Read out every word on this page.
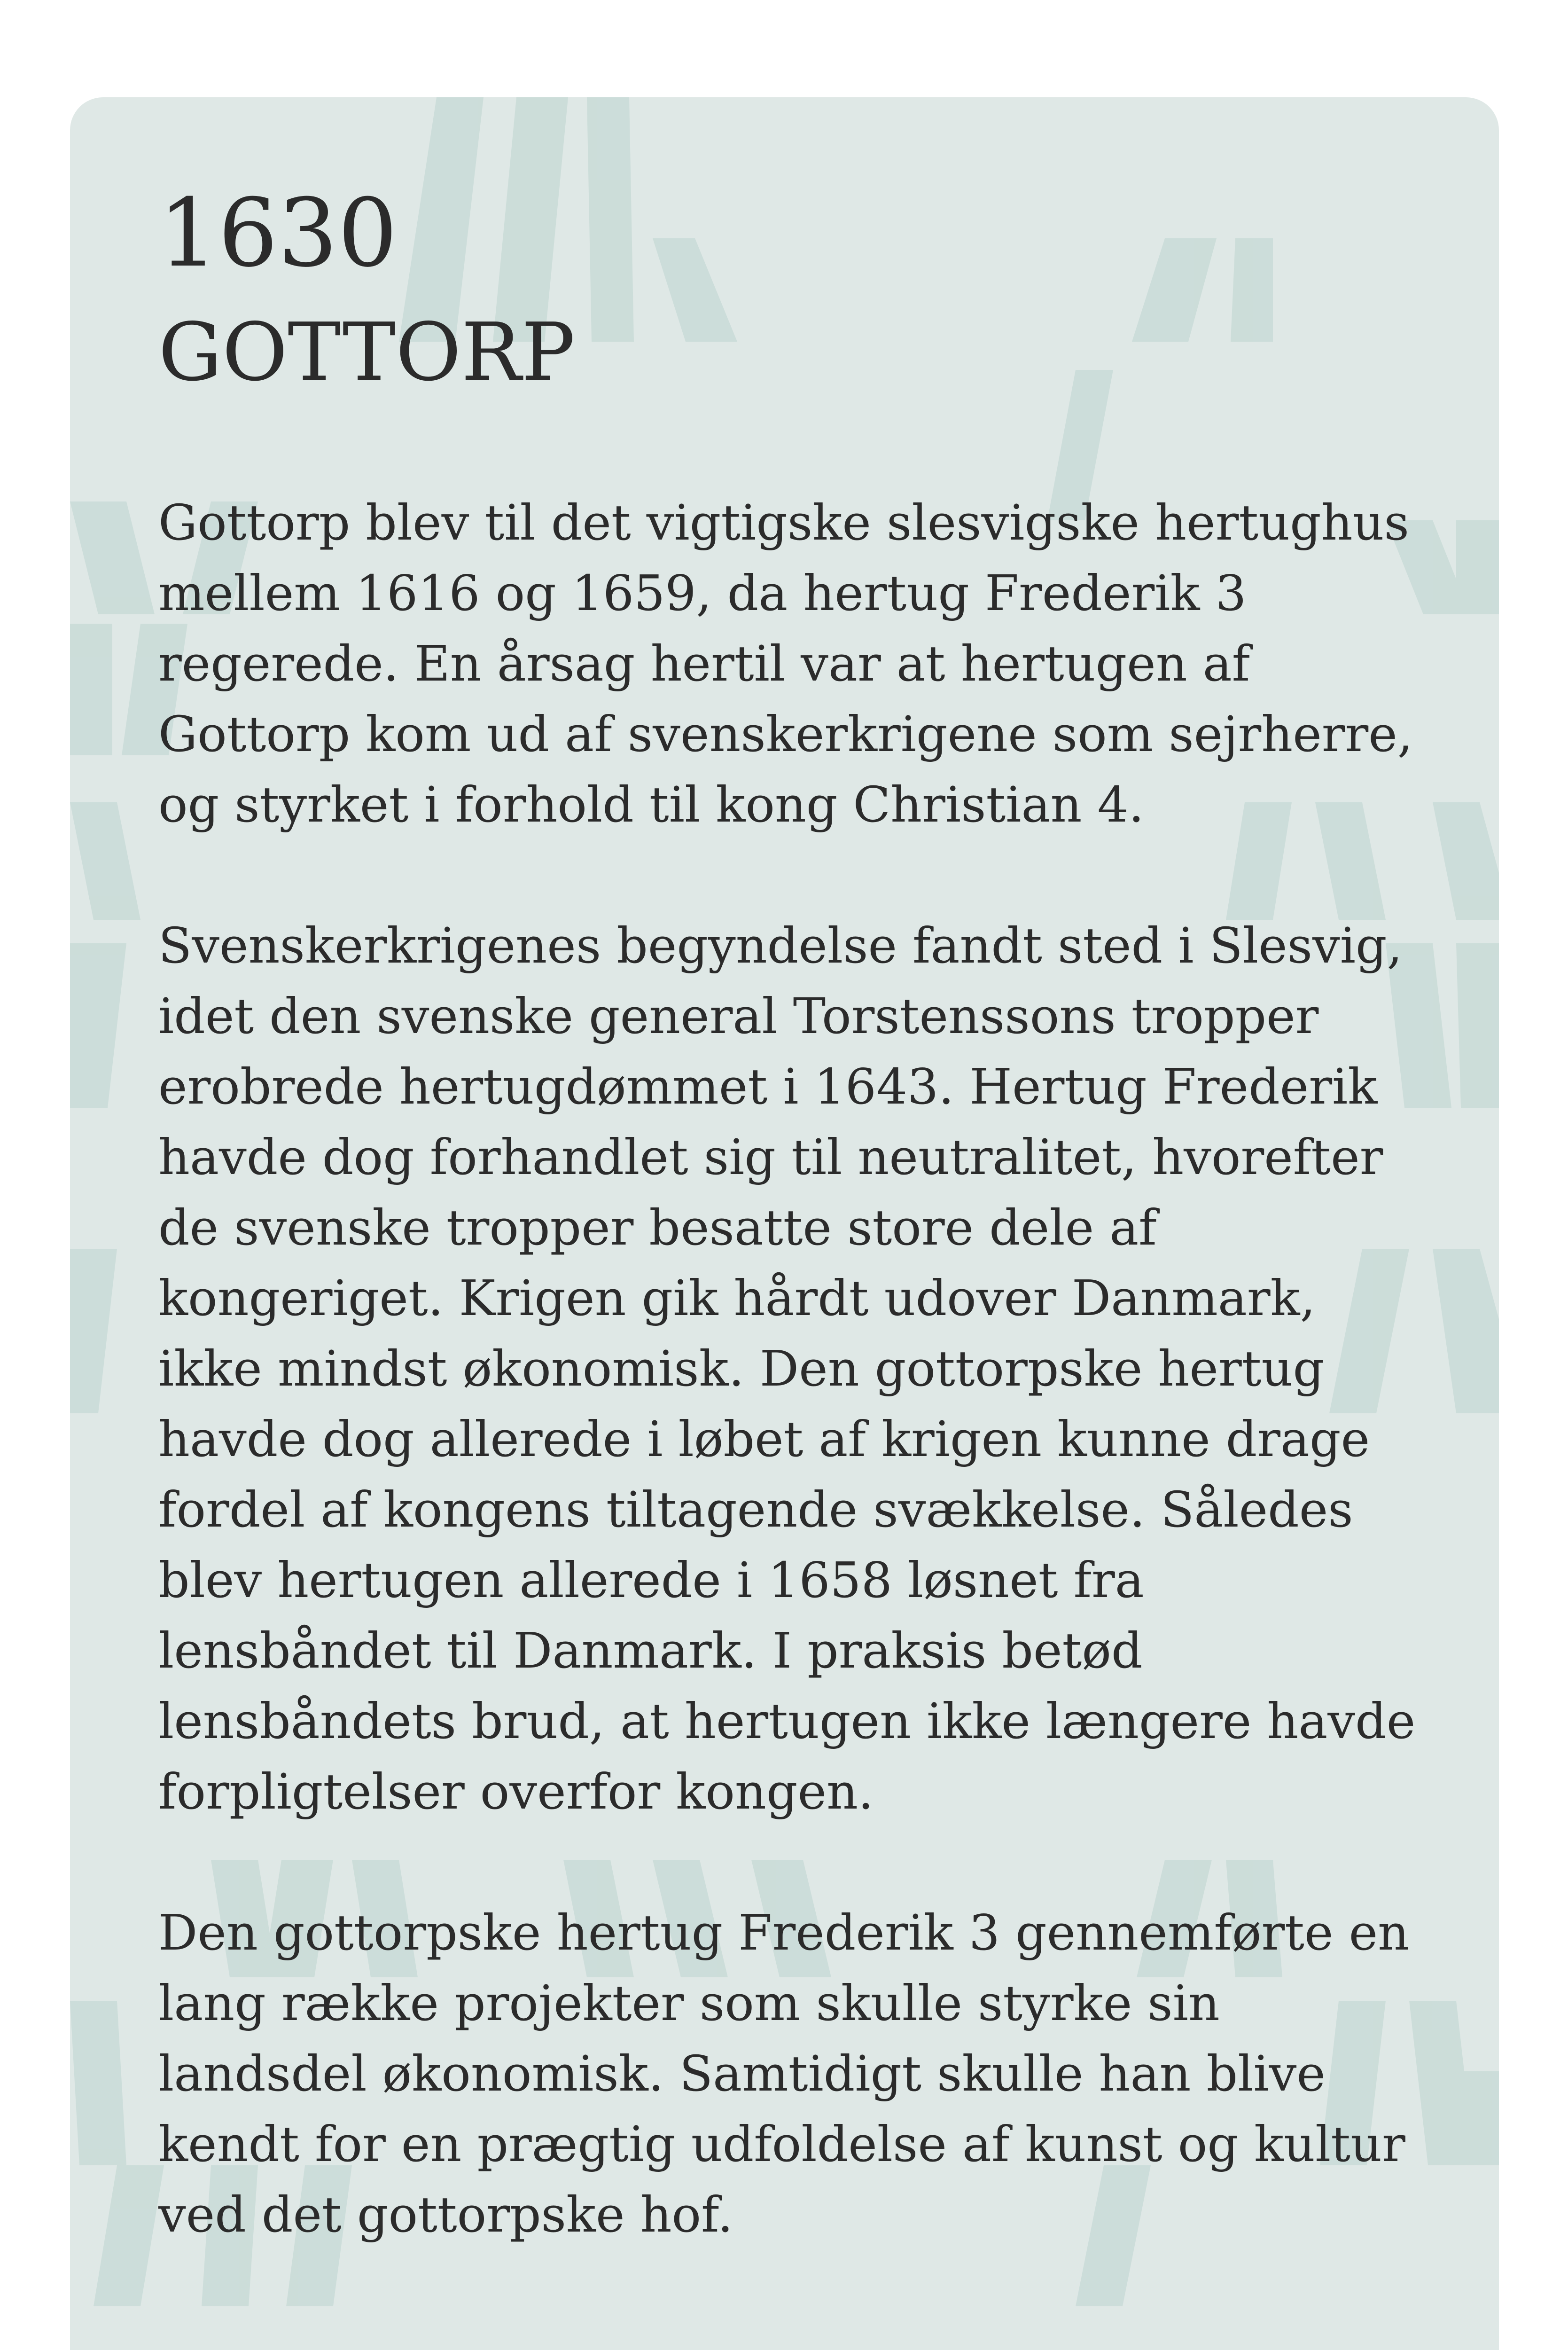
1630
GOTTORP

Gottorp blev til det vigtigske slesvigske hertughus mellem 1616 og 1659, da hertug Frederik 3 regerede. En årsag hertil var at hertugen af Gottorp kom ud af svenskerkrigene som sejrherre, og styrket i forhold til kong Christian 4.

Svenskerkrigenes begyndelse fandt sted i Slesvig, idet den svenske general Torstenssons tropper erobrede hertugdømmet i 1643. Hertug Frederik havde dog forhandlet sig til neutralitet, hvorefter de svenske tropper besatte store dele af kongeriget. Krigen gik hårdt udover Danmark, ikke mindst økonomisk. Den gottorpske hertug havde dog allerede i løbet af krigen kunne drage fordel af kongens tiltagende svækkelse. Således blev hertugen allerede i 1658 løsnet fra lensbåndet til Danmark. I praksis betød lensbåndets brud, at hertugen ikke længere havde forpligtelser overfor kongen.

Den gottorpske hertug Frederik 3 gennemførte en lang række projekter som skulle styrke sin landsdel økonomisk. Samtidigt skulle han blive kendt for en prægtig udfoldelse af kunst og kultur ved det gottorpske hof.
